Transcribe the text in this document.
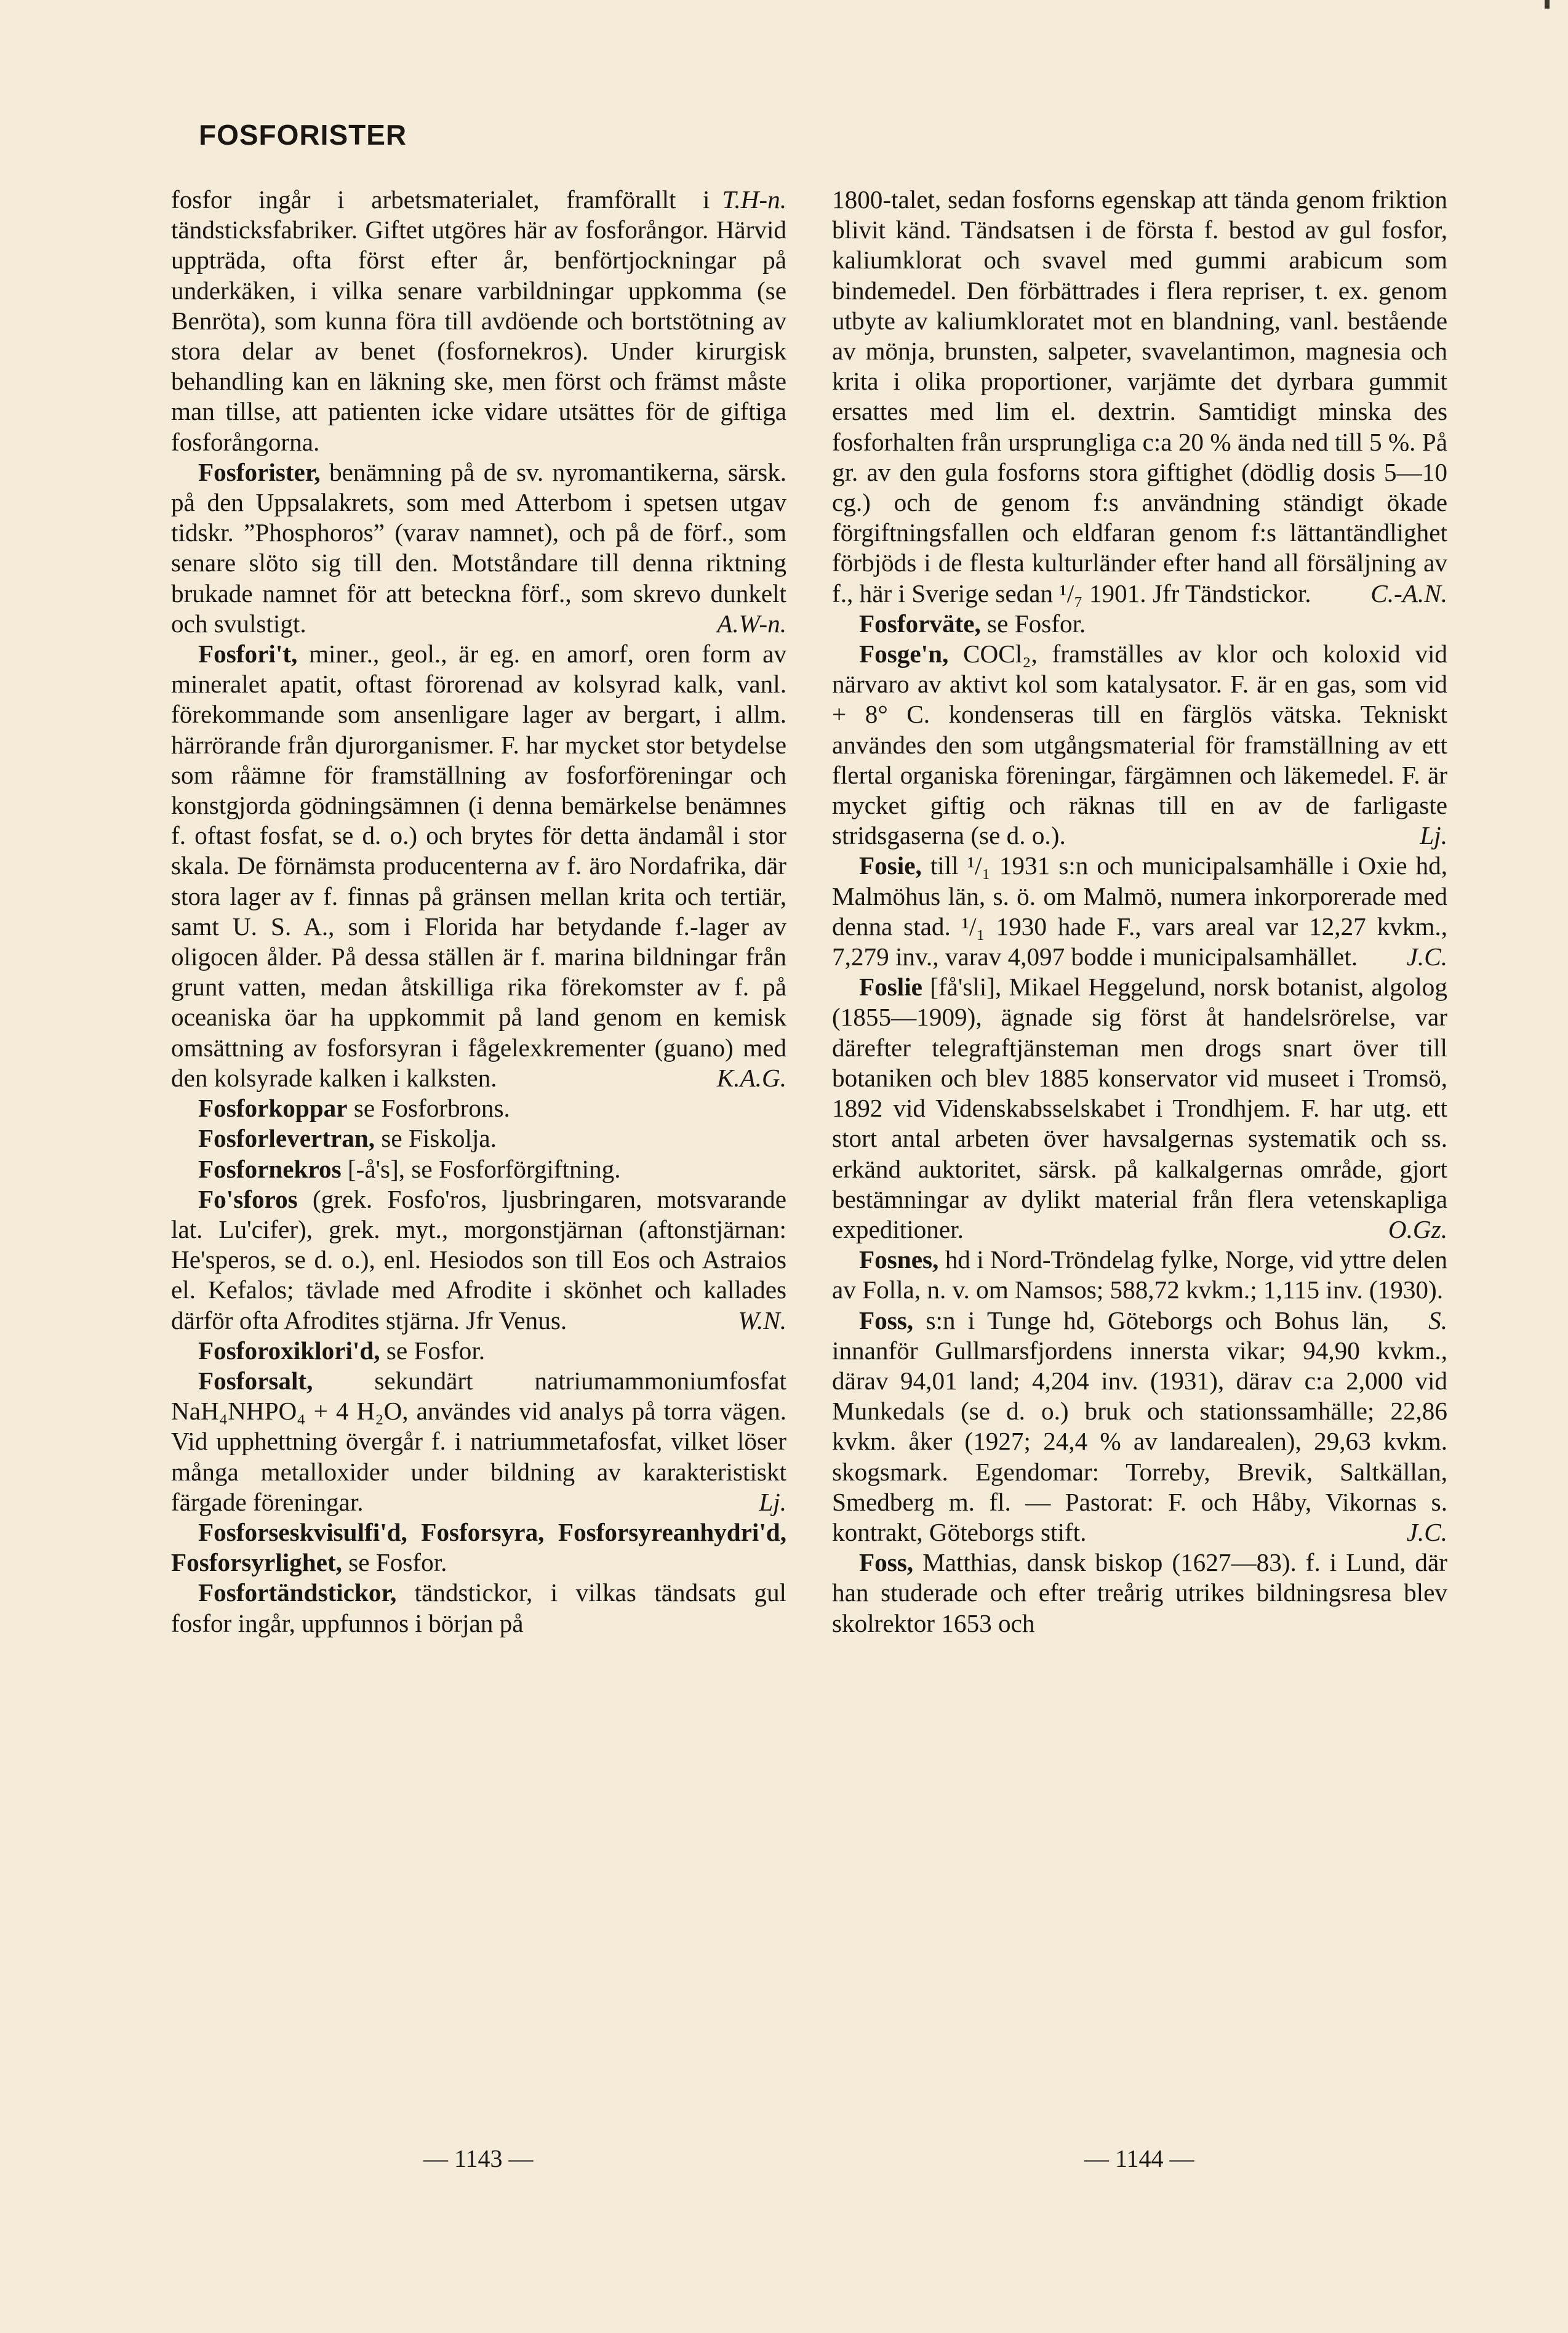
FOSFORISTER

T.H-n.
fosfor ingår i arbetsmaterialet, framförallt i tändsticksfabriker. Giftet utgöres här av fosforångor. Härvid uppträda, ofta först efter år, benförtjockningar på underkäken, i vilka senare varbildningar uppkomma (se Benröta), som kunna föra till avdöende och bortstötning av stora delar av benet (fosfornekros). Under kirurgisk behandling kan en läkning ske, men först och främst måste man tillse, att patienten icke vidare utsättes för de giftiga fosforångorna.

Fosforister, benämning på de sv. nyromantikerna, särsk. på den Uppsalakrets, som med Atterbom i spetsen utgav tidskr. ”Phosphoros” (varav namnet), och på de förf., som senare slöto sig till den. Motståndare till denna riktning brukade namnet för att beteckna förf., som skrevo dunkelt och svulstigt.	A.W-n.

Fosfori't, miner., geol., är eg. en amorf, oren form av mineralet apatit, oftast förorenad av kolsyrad kalk, vanl. förekommande som ansenligare lager av bergart, i allm. härrörande från djurorganismer. F. har mycket stor betydelse som råämne för framställning av fosforföreningar och konstgjorda gödningsämnen (i denna bemärkelse benämnes f. oftast fosfat, se d. o.) och brytes för detta ändamål i stor skala. De förnämsta producenterna av f. äro Nordafrika, där stora lager av f. finnas på gränsen mellan krita och tertiär, samt U. S. A., som i Florida har betydande f.-lager av oligocen ålder. På dessa ställen är f. marina bildningar från grunt vatten, medan åtskilliga rika förekomster av f. på oceaniska öar ha uppkommit på land genom en kemisk omsättning av fosforsyran i fågelexkrementer (guano) med den kolsyrade kalken i kalksten.	K.A.G.

Fosforkoppar se Fosforbrons.

Fosforlevertran, se Fiskolja.

Fosfornekros [-å's], se Fosforförgiftning.

Fo'sforos (grek. Fosfo'ros, ljusbringaren, motsvarande lat. Lu'cifer), grek. myt., morgonstjärnan (aftonstjärnan: He'speros, se d. o.), enl. Hesiodos son till Eos och Astraios el. Kefalos; tävlade med Afrodite i skönhet och kallades därför ofta Afrodites stjärna. Jfr Venus.	W.N.

Fosforoxiklori'd, se Fosfor.

Fosforsalt, sekundärt natriumammoniumfosfat NaH₄NHPO₄ + 4 H₂O, användes vid analys på torra vägen. Vid upphettning övergår f. i natriummetafosfat, vilket löser många metalloxider under bildning av karakteristiskt färgade föreningar.	Lj.

Fosforseskvisulfi'd, Fosforsyra, Fosforsyreanhydri'd, Fosforsyrlighet, se Fosfor.

Fosfortändstickor, tändstickor, i vilkas tändsats gul fosfor ingår, uppfunnos i början på

1800-talet, sedan fosforns egenskap att tända genom friktion blivit känd. Tändsatsen i de första f. bestod av gul fosfor, kaliumklorat och svavel med gummi arabicum som bindemedel. Den förbättrades i flera repriser, t. ex. genom utbyte av kaliumkloratet mot en blandning, vanl. bestående av mönja, brunsten, salpeter, svavelantimon, magnesia och krita i olika proportioner, varjämte det dyrbara gummit ersattes med lim el. dextrin. Samtidigt minska des fosforhalten från ursprungliga c:a 20 % ända ned till 5 %. På gr. av den gula fosforns stora giftighet (dödlig dosis 5—10 cg.) och de genom f:s användning ständigt ökade förgiftningsfallen och eldfaran genom f:s lättantändlighet förbjöds i de flesta kulturländer efter hand all försäljning av f., här i Sverige sedan ¹/₇ 1901. Jfr Tändstickor. C.-A.N.

Fosforväte, se Fosfor.

Fosge'n, COCl₂, framställes av klor och koloxid vid närvaro av aktivt kol som katalysator. F. är en gas, som vid + 8° C. kondenseras till en färglös vätska. Tekniskt användes den som utgångsmaterial för framställning av ett flertal organiska föreningar, färgämnen och läkemedel. F. är mycket giftig och räknas till en av de farligaste stridsgaserna (se d. o.).	Lj.

Fosie, till ¹/₁ 1931 s:n och municipalsamhälle i Oxie hd, Malmöhus län, s. ö. om Malmö, numera inkorporerade med denna stad. ¹/₁ 1930 hade F., vars areal var 12,27 kvkm., 7,279 inv., varav 4,097 bodde i municipalsamhället.	J.C.

Foslie [få'sli], Mikael Heggelund, norsk botanist, algolog (1855—1909), ägnade sig först åt handelsrörelse, var därefter telegraftjänsteman men drogs snart över till botaniken och blev 1885 konservator vid museet i Tromsö, 1892 vid Videnskabsselskabet i Trondhjem. F. har utg. ett stort antal arbeten över havsalgernas systematik och ss. erkänd auktoritet, särsk. på kalkalgernas område, gjort bestämningar av dylikt material från flera vetenskapliga expeditioner.	O.Gz.

Fosnes, hd i Nord-Tröndelag fylke, Norge, vid yttre delen av Folla, n. v. om Namsos; 588,72 kvkm.; 1,115 inv. (1930).
S.

Foss, s:n i Tunge hd, Göteborgs och Bohus län, innanför Gullmarsfjordens innersta vikar; 94,90 kvkm., därav 94,01 land; 4,204 inv. (1931), därav c:a 2,000 vid Munkedals (se d. o.) bruk och stationssamhälle; 22,86 kvkm. åker (1927; 24,4 % av landarealen), 29,63 kvkm. skogsmark. Egendomar: Torreby, Brevik, Saltkällan, Smedberg m. fl. — Pastorat: F. och Håby, Vikornas s. kontrakt, Göteborgs stift.	J.C.

Foss, Matthias, dansk biskop (1627—83). f. i Lund, där han studerade och efter treårig utrikes bildningsresa blev skolrektor 1653 och

— 1143 —	— 1144 —
